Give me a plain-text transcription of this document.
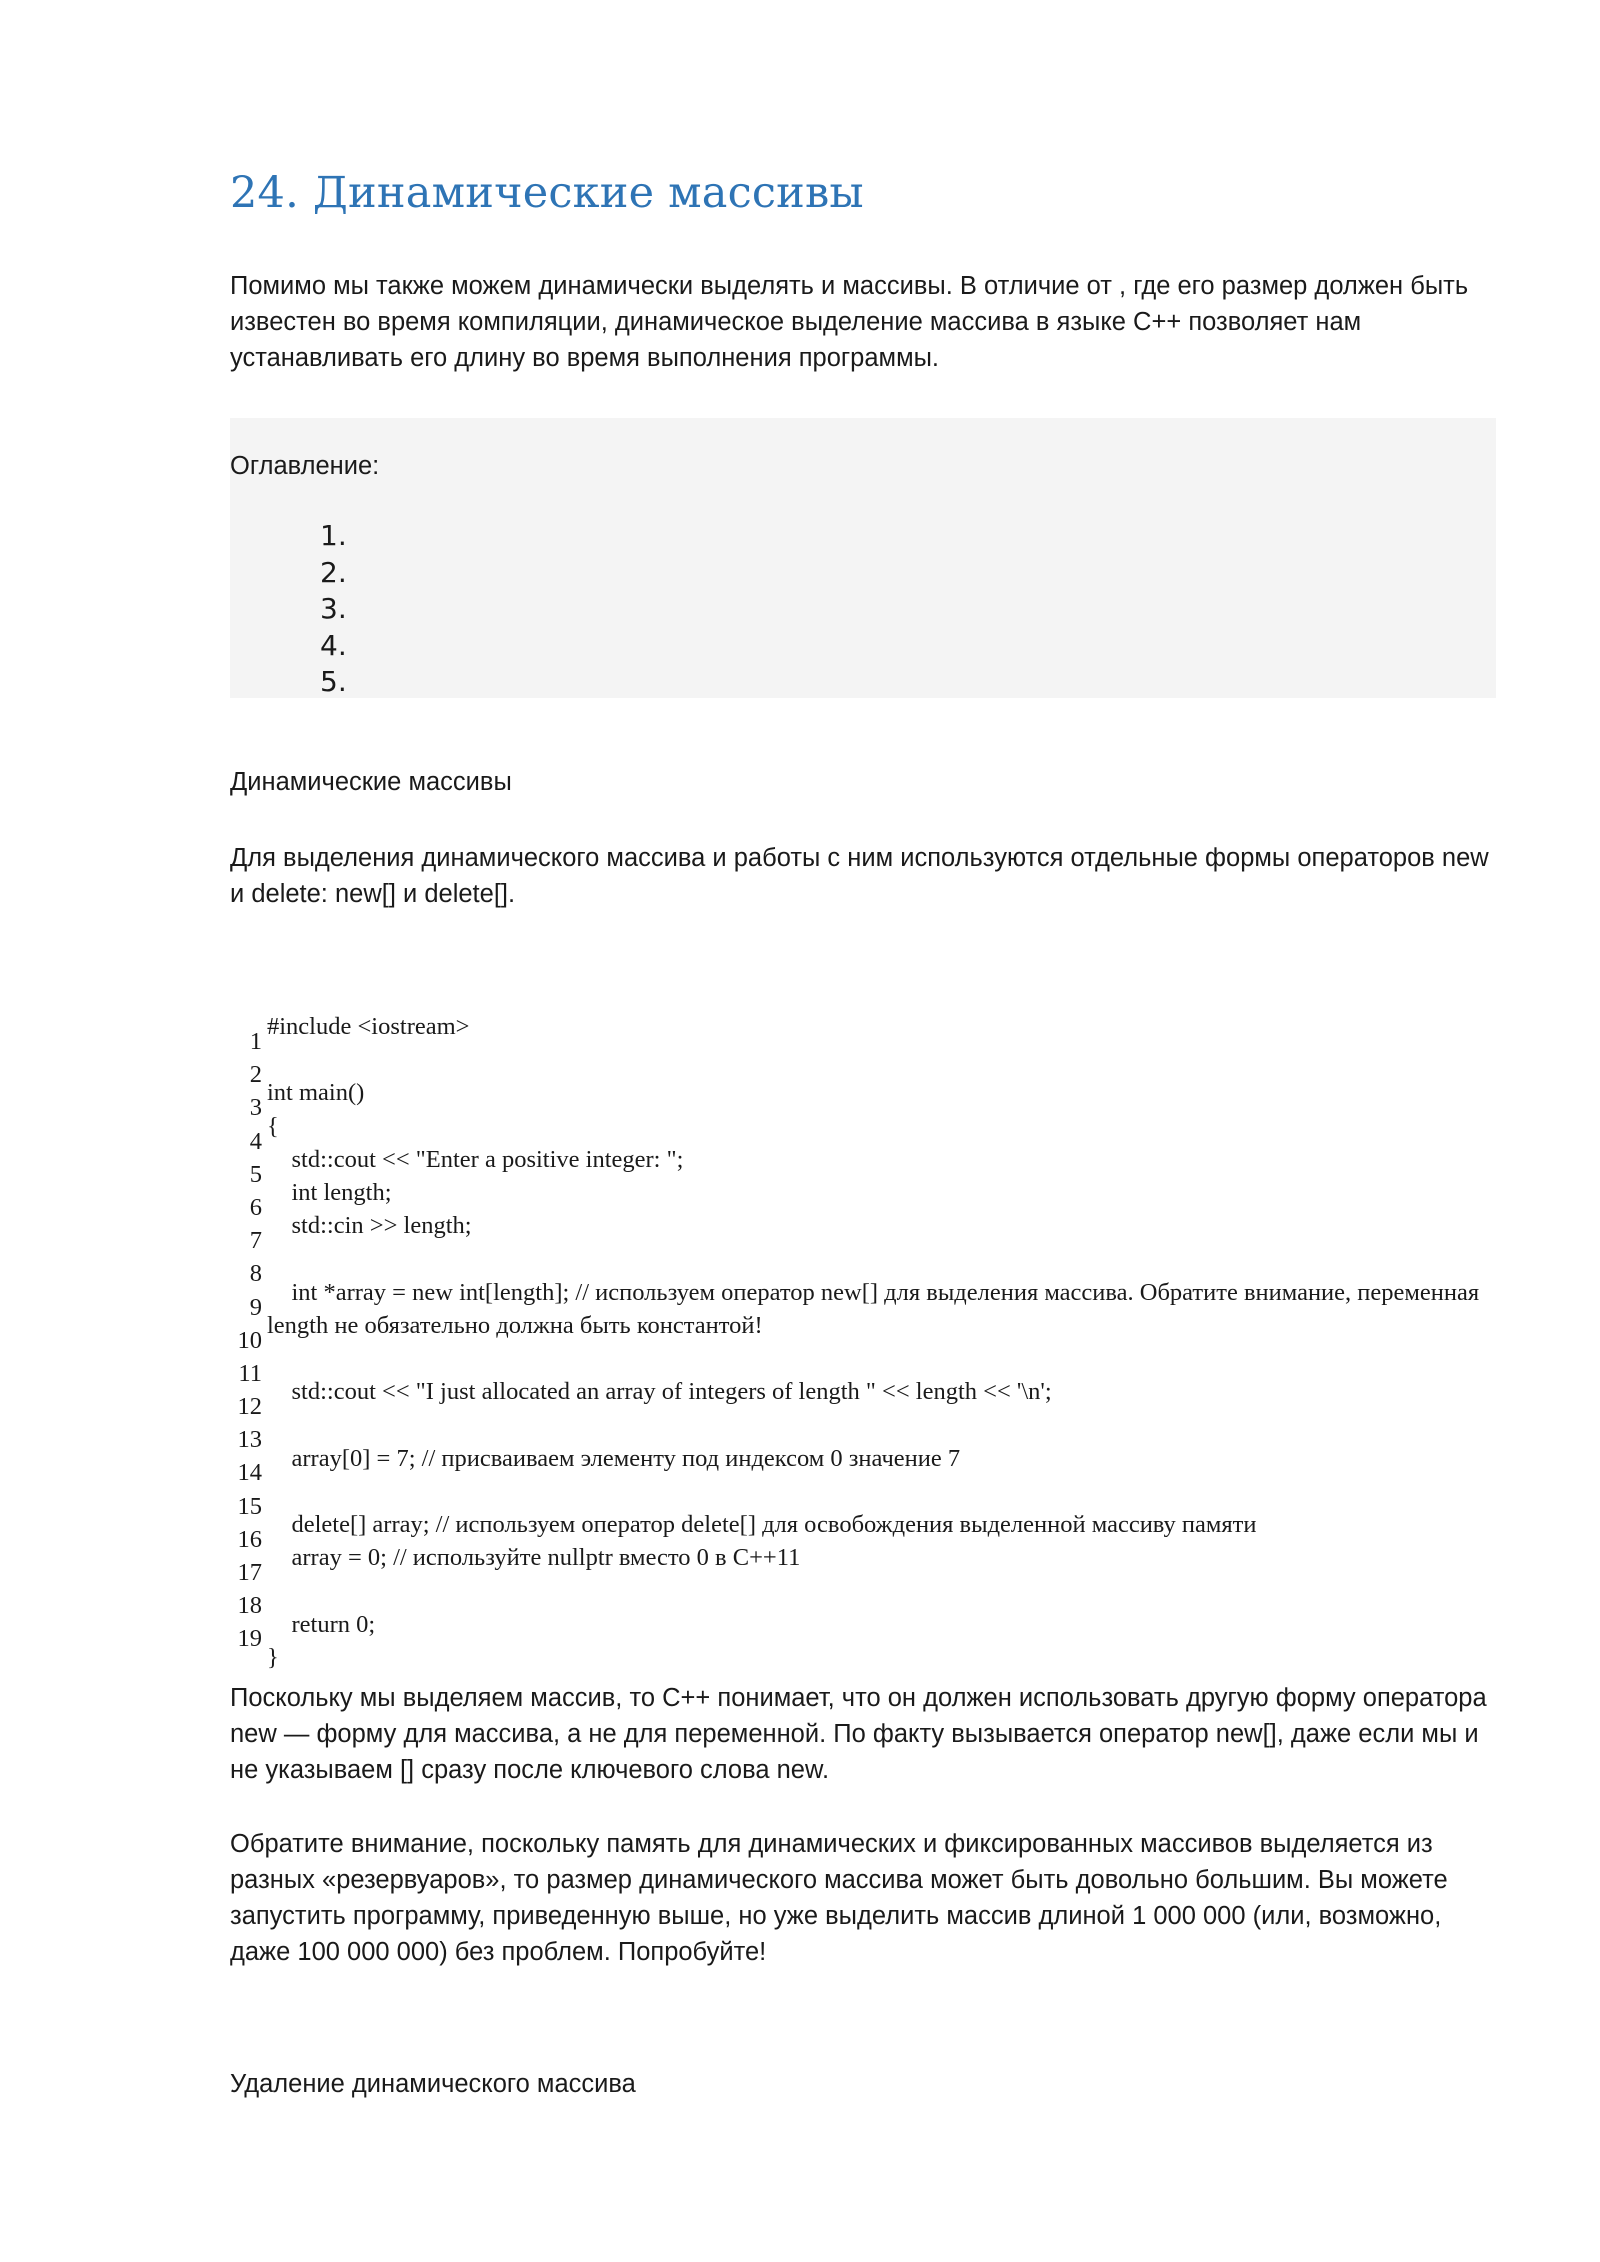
24. Динамические массивы

Помимо мы также можем динамически выделять и массивы. В отличие от , где его размер должен быть известен во время компиляции, динамическое выделение массива в языке C++ позволяет нам устанавливать его длину во время выполнения программы.

Оглавление:
1.
2.
3.
4.
5.
Динамические массивы

Для выделения динамического массива и работы с ним используются отдельные формы операторов new и delete: new[] и delete[].

1
2
3
4
5
6
7
8
9
10
11
12
13
14
15
16
17
18
19
#include <iostream>
int main()
{
std::cout << "Enter a positive integer: ";
int length;
std::cin >> length;
int *array = new int[length]; // используем оператор new[] для выделения массива. Обратите внимание, переменная length не обязательно должна быть константой!
std::cout << "I just allocated an array of integers of length " << length << '\n';
array[0] = 7; // присваиваем элементу под индексом 0 значение 7
delete[] array; // используем оператор delete[] для освобождения выделенной массиву памяти
array = 0; // используйте nullptr вместо 0 в C++11
return 0;
}

Поскольку мы выделяем массив, то C++ понимает, что он должен использовать другую форму оператора new — форму для массива, а не для переменной. По факту вызывается оператор new[], даже если мы и не указываем [] сразу после ключевого слова new.

Обратите внимание, поскольку память для динамических и фиксированных массивов выделяется из разных «резервуаров», то размер динамического массива может быть довольно большим. Вы можете запустить программу, приведенную выше, но уже выделить массив длиной 1 000 000 (или, возможно, даже 100 000 000) без проблем. Попробуйте!

Удаление динамического массива
